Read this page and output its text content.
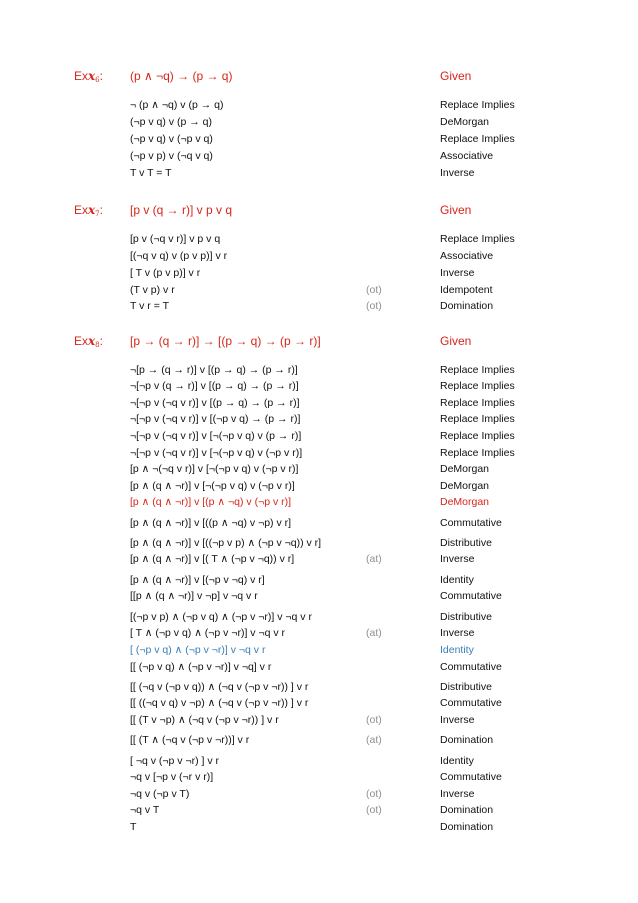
Exx$_6$: (p ∧ ¬q) → (p → q)	Given
¬ (p ∧ ¬q) v (p → q)	Replace Implies
(¬p v q) v (p → q)	DeMorgan
(¬p v q) v (¬p v q)	Replace Implies
(¬p v p) v (¬q v q)	Associative
T v T = T	Inverse
Exx$_7$: [p v (q → r)] v p v q	Given
[p v (¬q v r)] v p v q	Replace Implies
[(¬q v q) v (p v p)] v r	Associative
[ T v (p v p)] v r	Inverse
(T v p) v r	(ot)	Idempotent
T v r = T	(ot)	Domination
Exx$_8$: [p → (q → r)] → [(p → q) → (p → r)]	Given
¬[p → (q → r)] v [(p → q) → (p → r)]	Replace Implies
¬[¬p v (q → r)] v [(p → q) → (p → r)]	Replace Implies
¬[¬p v (¬q v r)] v [(p → q) → (p → r)]	Replace Implies
¬[¬p v (¬q v r)] v [(¬p v q) → (p → r)]	Replace Implies
¬[¬p v (¬q v r)] v [¬(¬p v q) v (p → r)]	Replace Implies
¬[¬p v (¬q v r)] v [¬(¬p v q) v (¬p v r)]	Replace Implies
[p ∧ ¬(¬q v r)] v [¬(¬p v q) v (¬p v r)]	DeMorgan
[p ∧ (q ∧ ¬r)] v [¬(¬p v q) v (¬p v r)]	DeMorgan
[p ∧ (q ∧ ¬r)] v [(p ∧ ¬q) v (¬p v r)]	DeMorgan
[p ∧ (q ∧ ¬r)] v [((p ∧ ¬q) v ¬p) v r]	Commutative
[p ∧ (q ∧ ¬r)] v [((¬p v p) ∧ (¬p v ¬q)) v r]	Distributive
[p ∧ (q ∧ ¬r)] v [( T ∧ (¬p v ¬q)) v r]	(at)	Inverse
[p ∧ (q ∧ ¬r)] v [(¬p v ¬q) v r]	Identity
[[p ∧ (q ∧ ¬r)] v ¬p] v ¬q v r	Commutative
[(¬p v p) ∧ (¬p v q) ∧ (¬p v ¬r)] v ¬q v r	Distributive
[ T ∧ (¬p v q) ∧ (¬p v ¬r)] v ¬q v r	(at)	Inverse
[ (¬p v q) ∧ (¬p v ¬r)] v ¬q v r	Identity
[[ (¬p v q) ∧ (¬p v ¬r)] v ¬q] v r	Commutative
[[ (¬q v (¬p v q)) ∧ (¬q v (¬p v ¬r)) ] v r	Distributive
[[ ((¬q v q) v ¬p) ∧ (¬q v (¬p v ¬r)) ] v r	Commutative
[[ (T v ¬p) ∧ (¬q v (¬p v ¬r)) ] v r	(ot)	Inverse
[[ (T ∧ (¬q v (¬p v ¬r))] v r	(at)	Domination
[ ¬q v (¬p v ¬r) ] v r	Identity
¬q v [¬p v (¬r v r)]	Commutative
¬q v (¬p v T)	(ot)	Inverse
¬q v T	(ot)	Domination
T	Domination
